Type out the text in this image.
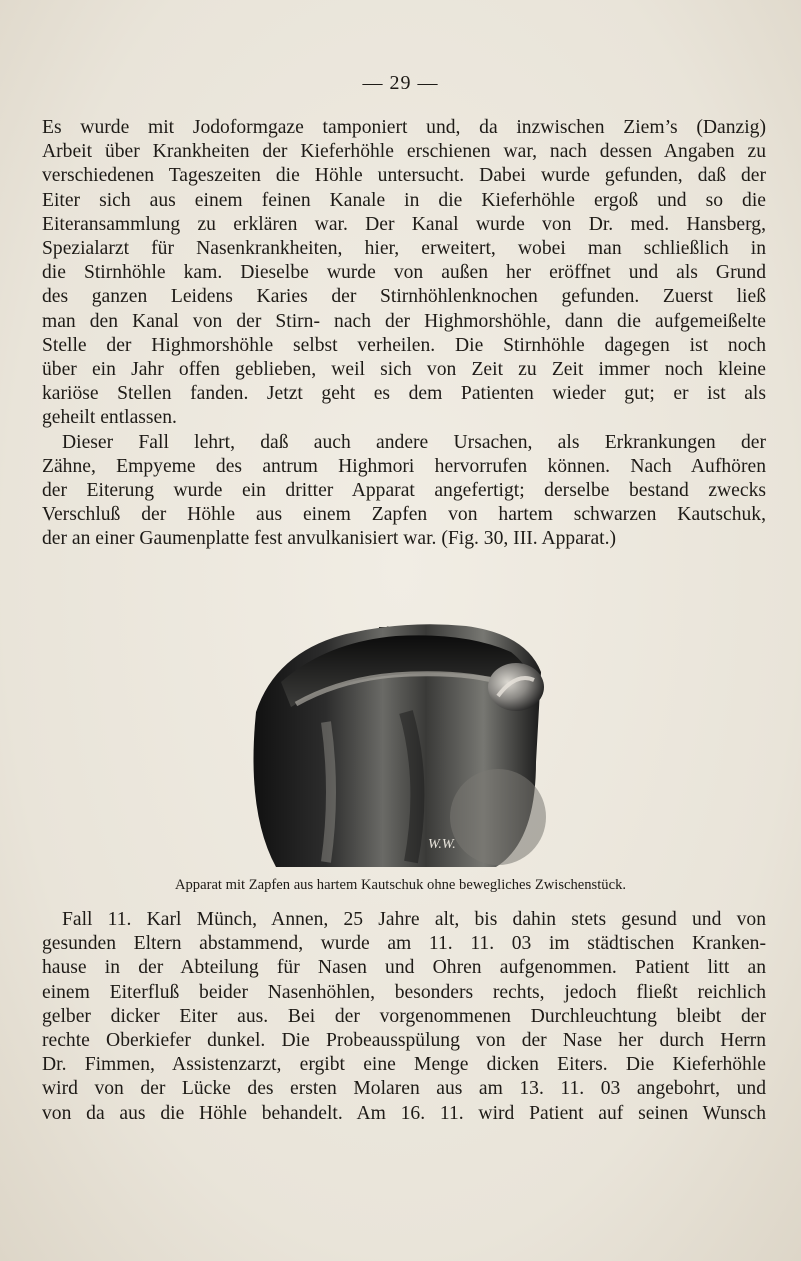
— 29 —
Es wurde mit Jodoformgaze tamponiert und, da inzwischen Ziem’s (Danzig)
Arbeit über Krankheiten der Kieferhöhle erschienen war, nach dessen Angaben zu
verschiedenen Tageszeiten die Höhle untersucht. Dabei wurde gefunden, daß der
Eiter sich aus einem feinen Kanale in die Kieferhöhle ergoß und so die
Eiteransammlung zu erklären war. Der Kanal wurde von Dr. med. Hansberg,
Spezialarzt für Nasenkrankheiten, hier, erweitert, wobei man schließlich in
die Stirnhöhle kam. Dieselbe wurde von außen her eröffnet und als Grund
des ganzen Leidens Karies der Stirnhöhlenknochen gefunden. Zuerst ließ
man den Kanal von der Stirn- nach der Highmorshöhle, dann die aufgemeißelte
Stelle der Highmorshöhle selbst verheilen. Die Stirnhöhle dagegen ist noch
über ein Jahr offen geblieben, weil sich von Zeit zu Zeit immer noch kleine
kariöse Stellen fanden. Jetzt geht es dem Patienten wieder gut; er ist als
geheilt entlassen.
Dieser Fall lehrt, daß auch andere Ursachen, als Erkrankungen der
Zähne, Empyeme des antrum Highmori hervorrufen können. Nach Aufhören
der Eiterung wurde ein dritter Apparat angefertigt; derselbe bestand zwecks
Verschluß der Höhle aus einem Zapfen von hartem schwarzen Kautschuk,
der an einer Gaumenplatte fest anvulkanisiert war. (Fig. 30, III. Apparat.)
W.W.
Apparat mit Zapfen aus hartem Kautschuk ohne bewegliches Zwischenstück.
Fall 11. Karl Münch, Annen, 25 Jahre alt, bis dahin stets gesund und von
gesunden Eltern abstammend, wurde am 11. 11. 03 im städtischen Kranken-
hause in der Abteilung für Nasen und Ohren aufgenommen. Patient litt an
einem Eiterfluß beider Nasenhöhlen, besonders rechts, jedoch fließt reichlich
gelber dicker Eiter aus. Bei der vorgenommenen Durchleuchtung bleibt der
rechte Oberkiefer dunkel. Die Probeausspülung von der Nase her durch Herrn
Dr. Fimmen, Assistenzarzt, ergibt eine Menge dicken Eiters. Die Kieferhöhle
wird von der Lücke des ersten Molaren aus am 13. 11. 03 angebohrt, und
von da aus die Höhle behandelt. Am 16. 11. wird Patient auf seinen Wunsch
